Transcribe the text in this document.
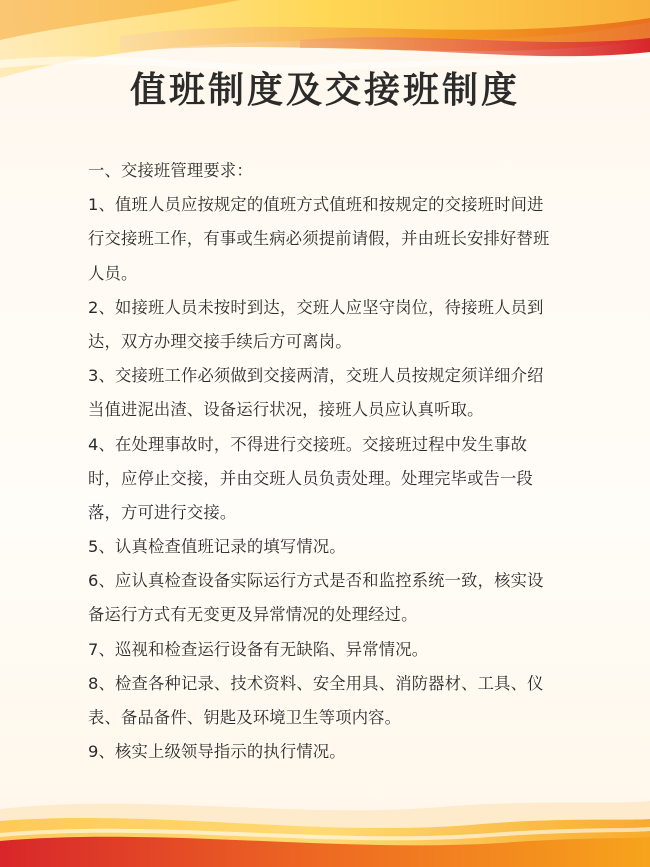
值班制度及交接班制度
一、交接班管理要求：
1、值班人员应按规定的值班方式值班和按规定的交接班时间进
行交接班工作，有事或生病必须提前请假，并由班长安排好替班
人员。
2、如接班人员未按时到达，交班人应坚守岗位，待接班人员到
达，双方办理交接手续后方可离岗。
3、交接班工作必须做到交接两清，交班人员按规定须详细介绍
当值进泥出渣、设备运行状况，接班人员应认真听取。
4、在处理事故时，不得进行交接班。交接班过程中发生事故
时，应停止交接，并由交班人员负责处理。处理完毕或告一段
落，方可进行交接。
5、认真检查值班记录的填写情况。
6、应认真检查设备实际运行方式是否和监控系统一致，核实设
备运行方式有无变更及异常情况的处理经过。
7、巡视和检查运行设备有无缺陷、异常情况。
8、检查各种记录、技术资料、安全用具、消防器材、工具、仪
表、备品备件、钥匙及环境卫生等项内容。
9、核实上级领导指示的执行情况。
